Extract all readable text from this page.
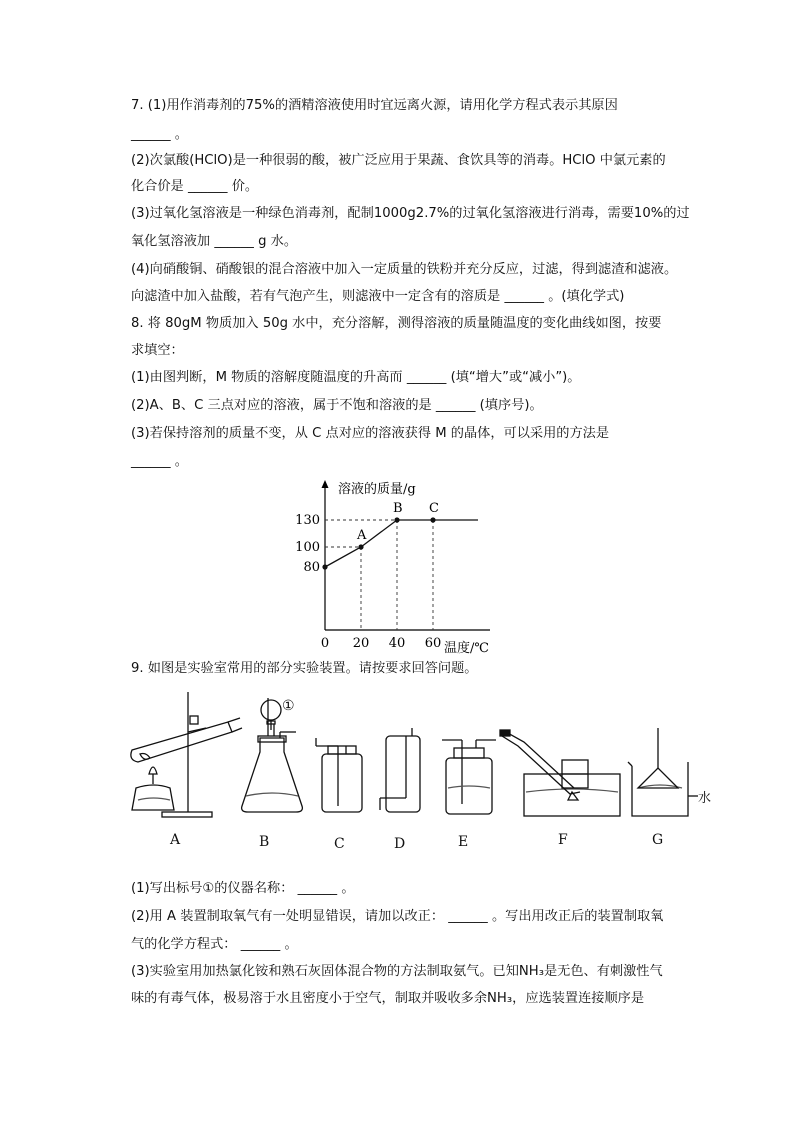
7. (1)用作消毒剂的75%的酒精溶液使用时宜远离火源，请用化学方程式表示其原因
______ 。
(2)次氯酸(HClO)是一种很弱的酸，被广泛应用于果蔬、食饮具等的消毒。HClO 中氯元素的
化合价是 ______ 价。
(3)过氧化氢溶液是一种绿色消毒剂，配制1000g2.7%的过氧化氢溶液进行消毒，需要10%的过
氧化氢溶液加 ______ g 水。
(4)向硝酸铜、硝酸银的混合溶液中加入一定质量的铁粉并充分反应，过滤，得到滤渣和滤液。
向滤渣中加入盐酸，若有气泡产生，则滤液中一定含有的溶质是 ______ 。(填化学式)
8. 将 80gM 物质加入 50g 水中，充分溶解，测得溶液的质量随温度的变化曲线如图，按要
求填空：
(1)由图判断，M 物质的溶解度随温度的升高而 ______ (填“增大”或“减小”)。
(2)A、B、C 三点对应的溶液，属于不饱和溶液的是 ______ (填序号)。
(3)若保持溶剂的质量不变，从 C 点对应的溶液获得 M 的晶体，可以采用的方法是
______ 。
溶液的质量/g
温度/℃
A
B C
80
100
130
0 20 40 60
9. 如图是实验室常用的部分实验装置。请按要求回答问题。
①
水
A	B	C	D	E	F	G
(1)写出标号①的仪器名称： ______ 。
(2)用 A 装置制取氧气有一处明显错误，请加以改正： ______ 。写出用改正后的装置制取氧
气的化学方程式： ______ 。
(3)实验室用加热氯化铵和熟石灰固体混合物的方法制取氨气。已知NH₃是无色、有刺激性气
味的有毒气体，极易溶于水且密度小于空气，制取并吸收多余NH₃，应选装置连接顺序是
